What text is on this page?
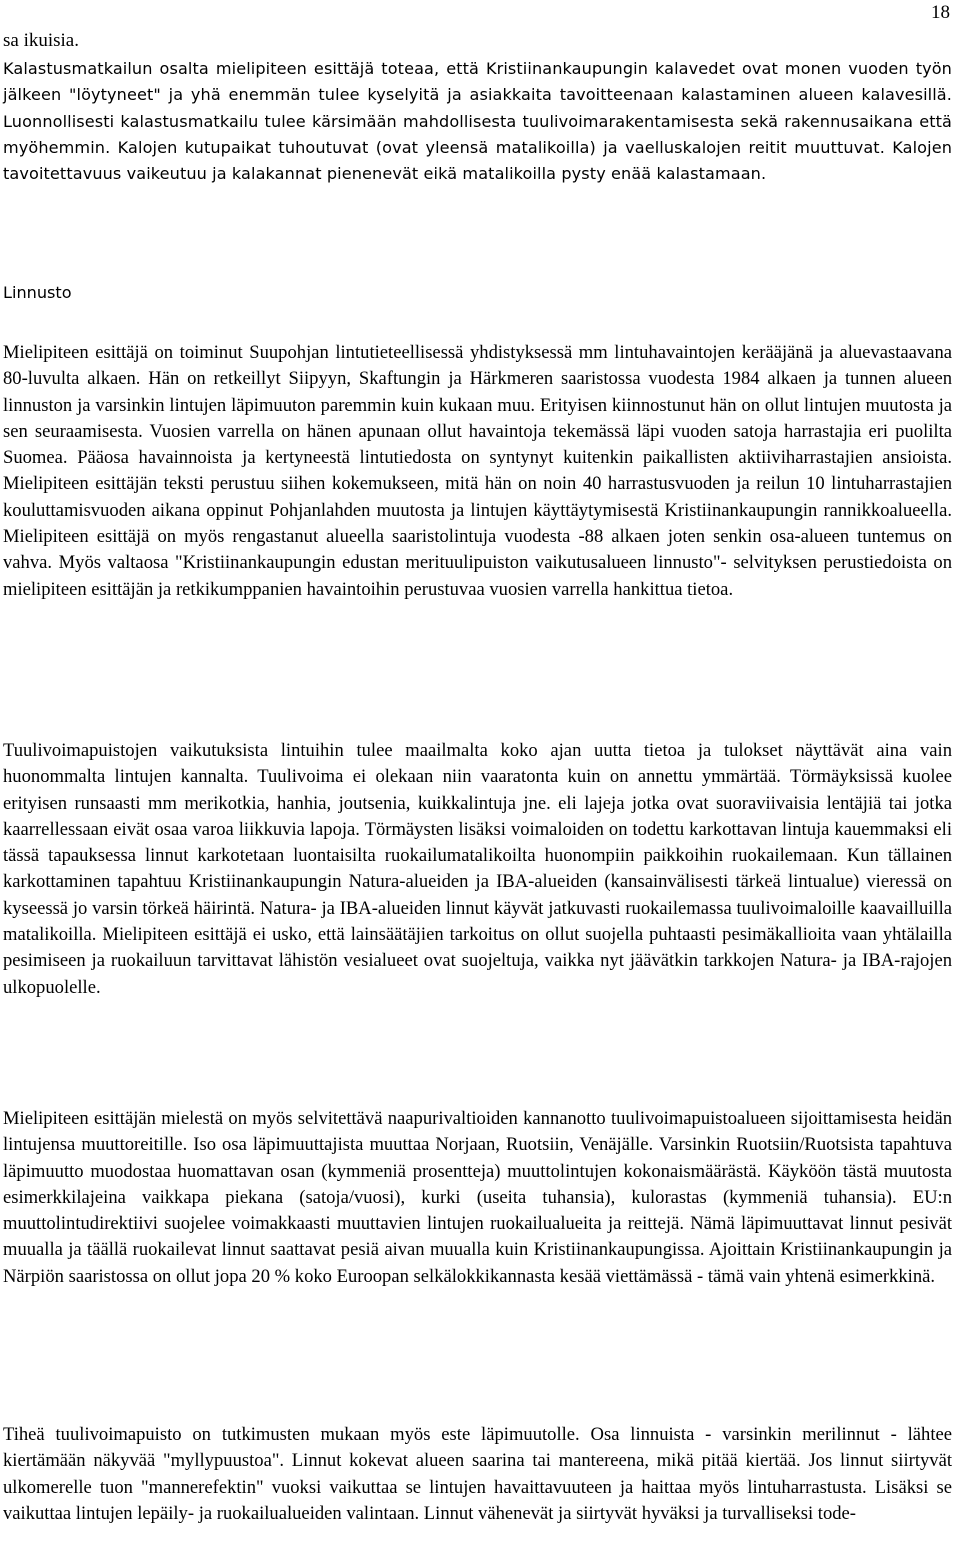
18
sa ikuisia.

Kalastusmatkailun osalta mielipiteen esittäjä toteaa, että Kristiinankaupungin kalavedet ovat monen vuoden työn jälkeen "löytyneet" ja yhä enemmän tulee kyselyitä ja asiakkaita tavoitteenaan kalastaminen alueen kalavesillä. Luonnollisesti kalastusmatkailu tulee kärsimään mahdollisesta tuulivoimarakentamisesta sekä rakennusaikana että myöhemmin. Kalojen kutupaikat tuhoutuvat (ovat yleensä matalikoilla) ja vaelluskalojen reitit muuttuvat. Kalojen tavoitettavuus vaikeutuu ja kalakannat pienenevät eikä matalikoilla pysty enää kalastamaan.

Linnusto

Mielipiteen esittäjä on toiminut Suupohjan lintutieteellisessä yhdistyksessä mm lintuhavaintojen kerääjänä ja aluevastaavana 80-luvulta alkaen. Hän on retkeillyt Siipyyn, Skaftungin ja Härkmeren saaristossa vuodesta 1984 alkaen ja tunnen alueen linnuston ja varsinkin lintujen läpimuuton paremmin kuin kukaan muu. Erityisen kiinnostunut hän on ollut lintujen muutosta ja sen seuraamisesta. Vuosien varrella on hänen apunaan ollut havaintoja tekemässä läpi vuoden satoja harrastajia eri puolilta Suomea. Pääosa havainnoista ja kertyneestä lintutiedosta on syntynyt kuitenkin paikallisten aktiiviharrastajien ansioista. Mielipiteen esittäjän teksti perustuu siihen kokemukseen, mitä hän on noin 40 harrastusvuoden ja reilun 10 lintuharrastajien kouluttamisvuoden aikana oppinut Pohjanlahden muutosta ja lintujen käyttäytymisestä Kristiinankaupungin rannikkoalueella. Mielipiteen esittäjä on myös rengastanut alueella saaristolintuja vuodesta -88 alkaen joten senkin osa-alueen tuntemus on vahva. Myös valtaosa "Kristiinankaupungin edustan merituulipuiston vaikutusalueen linnusto"- selvityksen perustiedoista on mielipiteen esittäjän ja retkikumppanien havaintoihin perustuvaa vuosien varrella hankittua tietoa.

Tuulivoimapuistojen vaikutuksista lintuihin tulee maailmalta koko ajan uutta tietoa ja tulokset näyttävät aina vain huonommalta lintujen kannalta. Tuulivoima ei olekaan niin vaaratonta kuin on annettu ymmärtää. Törmäyksissä kuolee erityisen runsaasti mm merikotkia, hanhia, joutsenia, kuikkalintuja jne. eli lajeja jotka ovat suoraviivaisia lentäjiä tai jotka kaarrellessaan eivät osaa varoa liikkuvia lapoja. Törmäysten lisäksi voimaloiden on todettu karkottavan lintuja kauemmaksi eli tässä tapauksessa linnut karkotetaan luontaisilta ruokailumatalikoilta huonompiin paikkoihin ruokailemaan. Kun tällainen karkottaminen tapahtuu Kristiinankaupungin Natura-alueiden ja IBA-alueiden (kansainvälisesti tärkeä lintualue) vieressä on kyseessä jo varsin törkeä häirintä. Natura- ja IBA-alueiden linnut käyvät jatkuvasti ruokailemassa tuulivoimaloille kaavailluilla matalikoilla. Mielipiteen esittäjä ei usko, että lainsäätäjien tarkoitus on ollut suojella puhtaasti pesimäkallioita vaan yhtälailla pesimiseen ja ruokailuun tarvittavat lähistön vesialueet ovat suojeltuja, vaikka nyt jäävätkin tarkkojen Natura- ja IBA-rajojen ulkopuolelle.

Mielipiteen esittäjän mielestä on myös selvitettävä naapurivaltioiden kannanotto tuulivoimapuistoalueen sijoittamisesta heidän lintujensa muuttoreitille. Iso osa läpimuuttajista muuttaa Norjaan, Ruotsiin, Venäjälle. Varsinkin Ruotsiin/Ruotsista tapahtuva läpimuutto muodostaa huomattavan osan (kymmeniä prosentteja) muuttolintujen kokonaismäärästä. Käyköön tästä muutosta esimerkkilajeina vaikkapa piekana (satoja/vuosi), kurki (useita tuhansia), kulorastas (kymmeniä tuhansia). EU:n muuttolintudirektiivi suojelee voimakkaasti muuttavien lintujen ruokailualueita ja reittejä. Nämä läpimuuttavat linnut pesivät muualla ja täällä ruokailevat linnut saattavat pesiä aivan muualla kuin Kristiinankaupungissa. Ajoittain Kristiinankaupungin ja Närpiön saaristossa on ollut jopa 20 % koko Euroopan selkälokkikannasta kesää viettämässä - tämä vain yhtenä esimerkkinä.

Tiheä tuulivoimapuisto on tutkimusten mukaan myös este läpimuutolle. Osa linnuista - varsinkin merilinnut - lähtee kiertämään näkyvää "myllypuustoa". Linnut kokevat alueen saarina tai mantereena, mikä pitää kiertää. Jos linnut siirtyvät ulkomerelle tuon "mannerefektin" vuoksi vaikuttaa se lintujen havaittavuuteen ja haittaa myös lintuharrastusta. Lisäksi se vaikuttaa lintujen lepäily- ja ruokailualueiden valintaan. Linnut vähenevät ja siirtyvät hyväksi ja turvalliseksi tode-
